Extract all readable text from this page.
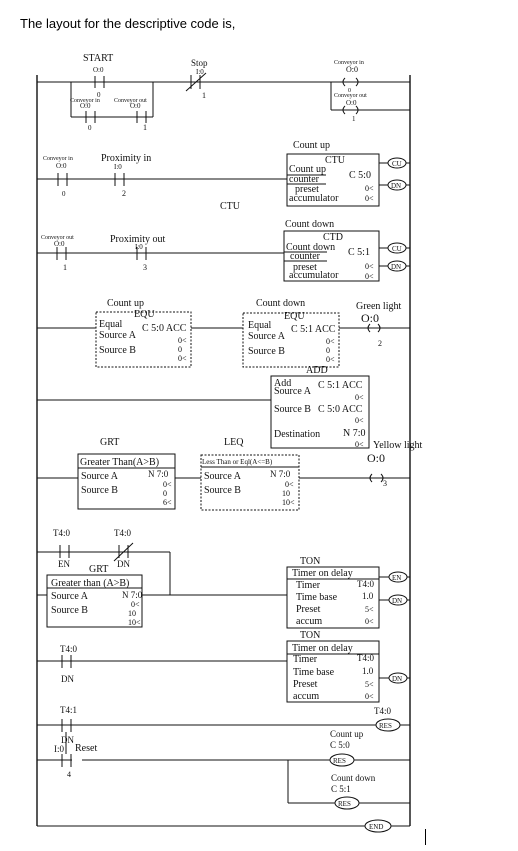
The layout for the descriptive code is,
START
O:0
0
Stop
I:0
1
Conveyor in
O:0
0
Conveyor out
O:0
1
Conveyor in
O:0
0
Conveyor out
O:0
1
Conveyor in
O:0
0
Proximity in
I:0
2
CTU
Count up
CTU
Count up
counter
preset
accumulator
C 5:0
0<
0<
CU
DN
Conveyor out
O:0
1
Proximity out
I:0
3
Count down
CTD
Count down
counter
preset
accumulator
C 5:1
0<
0<
CU
DN
Count up
EQU
Equal
Source A
Source B
C 5:0 ACC
0<
0
0<
Count down
EQU
Equal
Source A
Source B
C 5:1 ACC
0<
0
0<
Green light
O:0
2
ADD
Add
Source A
Source B
Destination
C 5:1 ACC
0<
C 5:0 ACC
0<
N 7:0
0<
GRT
Greater Than(A>B)
Source A
Source B
N 7:0
0<
0
6<
LEQ
Less Than or Eql(A<=B)
Source A
Source B
N 7:0
0<
10
10<
Yellow light
O:0
3
T4:0
EN
T4:0
DN
GRT
Greater than (A>B)
Source A
Source B
N 7:0
0<
10
10<
TON
Timer on delay
Timer
Time base
Preset
accum
T4:0
1.0
5<
0<
EN
DN
T4:0
DN
TON
Timer on delay
Timer
Time base
Preset
accum
T4:0
1.0
5<
0<
DN
T4:1
DN
I:0 Reset
4
T4:0
RES
Count up
C 5:0
RES
Count down
C 5:1
RES
END
